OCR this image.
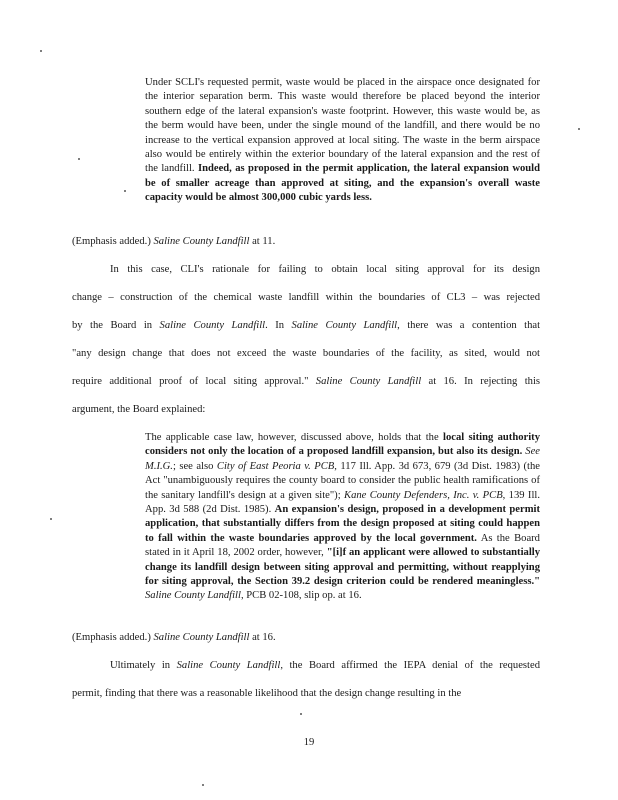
Under SCLI's requested permit, waste would be placed in the airspace once designated for the interior separation berm. This waste would therefore be placed beyond the interior southern edge of the lateral expansion's waste footprint. However, this waste would be, as the berm would have been, under the single mound of the landfill, and there would be no increase to the vertical expansion approved at local siting. The waste in the berm airspace also would be entirely within the exterior boundary of the lateral expansion and the rest of the landfill. Indeed, as proposed in the permit application, the lateral expansion would be of smaller acreage than approved at siting, and the expansion's overall waste capacity would be almost 300,000 cubic yards less.
(Emphasis added.) Saline County Landfill at 11.
In this case, CLI's rationale for failing to obtain local siting approval for its design
change – construction of the chemical waste landfill within the boundaries of CL3 – was rejected
by the Board in Saline County Landfill. In Saline County Landfill, there was a contention that
"any design change that does not exceed the waste boundaries of the facility, as sited, would not
require additional proof of local siting approval." Saline County Landfill at 16. In rejecting this
argument, the Board explained:
The applicable case law, however, discussed above, holds that the local siting authority considers not only the location of a proposed landfill expansion, but also its design. See M.I.G.; see also City of East Peoria v. PCB, 117 Ill. App. 3d 673, 679 (3d Dist. 1983) (the Act "unambiguously requires the county board to consider the public health ramifications of the sanitary landfill's design at a given site"); Kane County Defenders, Inc. v. PCB, 139 Ill. App. 3d 588 (2d Dist. 1985). An expansion's design, proposed in a development permit application, that substantially differs from the design proposed at siting could happen to fall within the waste boundaries approved by the local government. As the Board stated in it April 18, 2002 order, however, "[i]f an applicant were allowed to substantially change its landfill design between siting approval and permitting, without reapplying for siting approval, the Section 39.2 design criterion could be rendered meaningless." Saline County Landfill, PCB 02-108, slip op. at 16.
(Emphasis added.) Saline County Landfill at 16.
Ultimately in Saline County Landfill, the Board affirmed the IEPA denial of the requested
permit, finding that there was a reasonable likelihood that the design change resulting in the
19
